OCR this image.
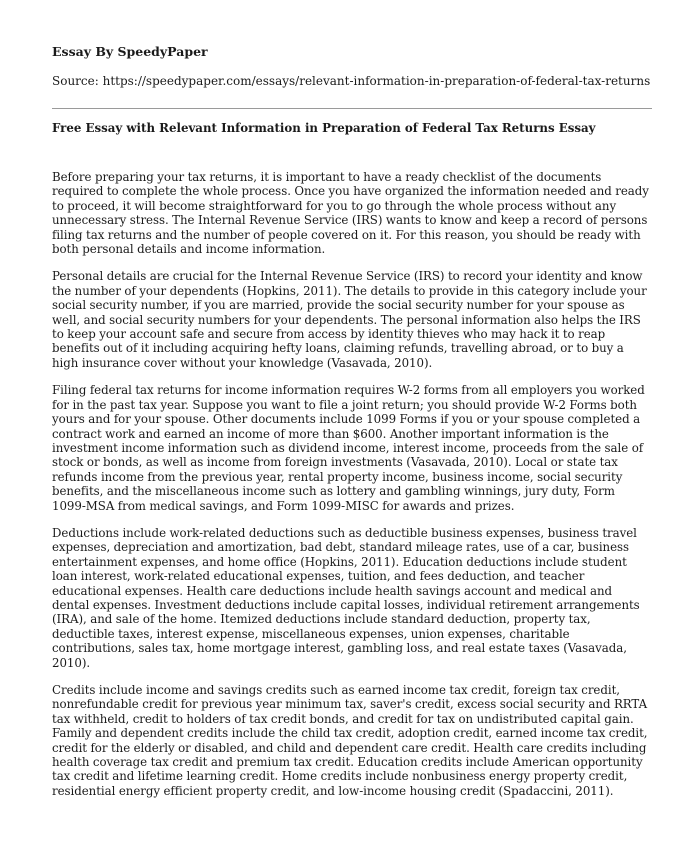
Essay By SpeedyPaper
Source: https://speedypaper.com/essays/relevant-information-in-preparation-of-federal-tax-returns
Free Essay with Relevant Information in Preparation of Federal Tax Returns Essay

Before preparing your tax returns, it is important to have a ready checklist of the documents required to complete the whole process. Once you have organized the information needed and ready to proceed, it will become straightforward for you to go through the whole process without any unnecessary stress. The Internal Revenue Service (IRS) wants to know and keep a record of persons filing tax returns and the number of people covered on it. For this reason, you should be ready with both personal details and income information.

Personal details are crucial for the Internal Revenue Service (IRS) to record your identity and know the number of your dependents (Hopkins, 2011). The details to provide in this category include your social security number, if you are married, provide the social security number for your spouse as well, and social security numbers for your dependents. The personal information also helps the IRS to keep your account safe and secure from access by identity thieves who may hack it to reap benefits out of it including acquiring hefty loans, claiming refunds, travelling abroad, or to buy a high insurance cover without your knowledge (Vasavada, 2010).

Filing federal tax returns for income information requires W-2 forms from all employers you worked for in the past tax year. Suppose you want to file a joint return; you should provide W-2 Forms both yours and for your spouse. Other documents include 1099 Forms if you or your spouse completed a contract work and earned an income of more than $600. Another important information is the investment income information such as dividend income, interest income, proceeds from the sale of stock or bonds, as well as income from foreign investments (Vasavada, 2010). Local or state tax refunds income from the previous year, rental property income, business income, social security benefits, and the miscellaneous income such as lottery and gambling winnings, jury duty, Form 1099-MSA from medical savings, and Form 1099-MISC for awards and prizes.

Deductions include work-related deductions such as deductible business expenses, business travel expenses, depreciation and amortization, bad debt, standard mileage rates, use of a car, business entertainment expenses, and home office (Hopkins, 2011). Education deductions include student loan interest, work-related educational expenses, tuition, and fees deduction, and teacher educational expenses. Health care deductions include health savings account and medical and dental expenses. Investment deductions include capital losses, individual retirement arrangements (IRA), and sale of the home. Itemized deductions include standard deduction, property tax, deductible taxes, interest expense, miscellaneous expenses, union expenses, charitable contributions, sales tax, home mortgage interest, gambling loss, and real estate taxes (Vasavada, 2010).

Credits include income and savings credits such as earned income tax credit, foreign tax credit, nonrefundable credit for previous year minimum tax, saver's credit, excess social security and RRTA tax withheld, credit to holders of tax credit bonds, and credit for tax on undistributed capital gain. Family and dependent credits include the child tax credit, adoption credit, earned income tax credit, credit for the elderly or disabled, and child and dependent care credit. Health care credits including health coverage tax credit and premium tax credit. Education credits include American opportunity tax credit and lifetime learning credit. Home credits include nonbusiness energy property credit, residential energy efficient property credit, and low-income housing credit (Spadaccini, 2011).
